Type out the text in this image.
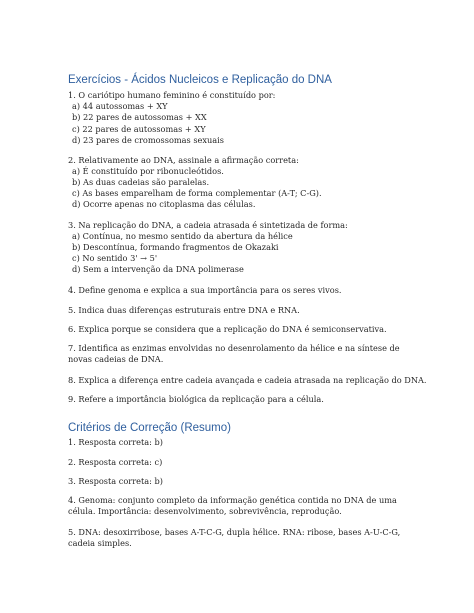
Exercícios - Ácidos Nucleicos e Replicação do DNA
1. O cariótipo humano feminino é constituído por:
a) 44 autossomas + XY
b) 22 pares de autossomas + XX
c) 22 pares de autossomas + XY
d) 23 pares de cromossomas sexuais
2. Relativamente ao DNA, assinale a afirmação correta:
a) É constituído por ribonucleótidos.
b) As duas cadeias são paralelas.
c) As bases emparelham de forma complementar (A-T; C-G).
d) Ocorre apenas no citoplasma das células.
3. Na replicação do DNA, a cadeia atrasada é sintetizada de forma:
a) Contínua, no mesmo sentido da abertura da hélice
b) Descontínua, formando fragmentos de Okazaki
c) No sentido 3' → 5'
d) Sem a intervenção da DNA polimerase
4. Define genoma e explica a sua importância para os seres vivos.
5. Indica duas diferenças estruturais entre DNA e RNA.
6. Explica porque se considera que a replicação do DNA é semiconservativa.
7. Identifica as enzimas envolvidas no desenrolamento da hélice e na síntese de novas cadeias de DNA.
8. Explica a diferença entre cadeia avançada e cadeia atrasada na replicação do DNA.
9. Refere a importância biológica da replicação para a célula.
Critérios de Correção (Resumo)
1. Resposta correta: b)
2. Resposta correta: c)
3. Resposta correta: b)
4. Genoma: conjunto completo da informação genética contida no DNA de uma célula. Importância: desenvolvimento, sobrevivência, reprodução.
5. DNA: desoxirribose, bases A-T-C-G, dupla hélice. RNA: ribose, bases A-U-C-G, cadeia simples.
